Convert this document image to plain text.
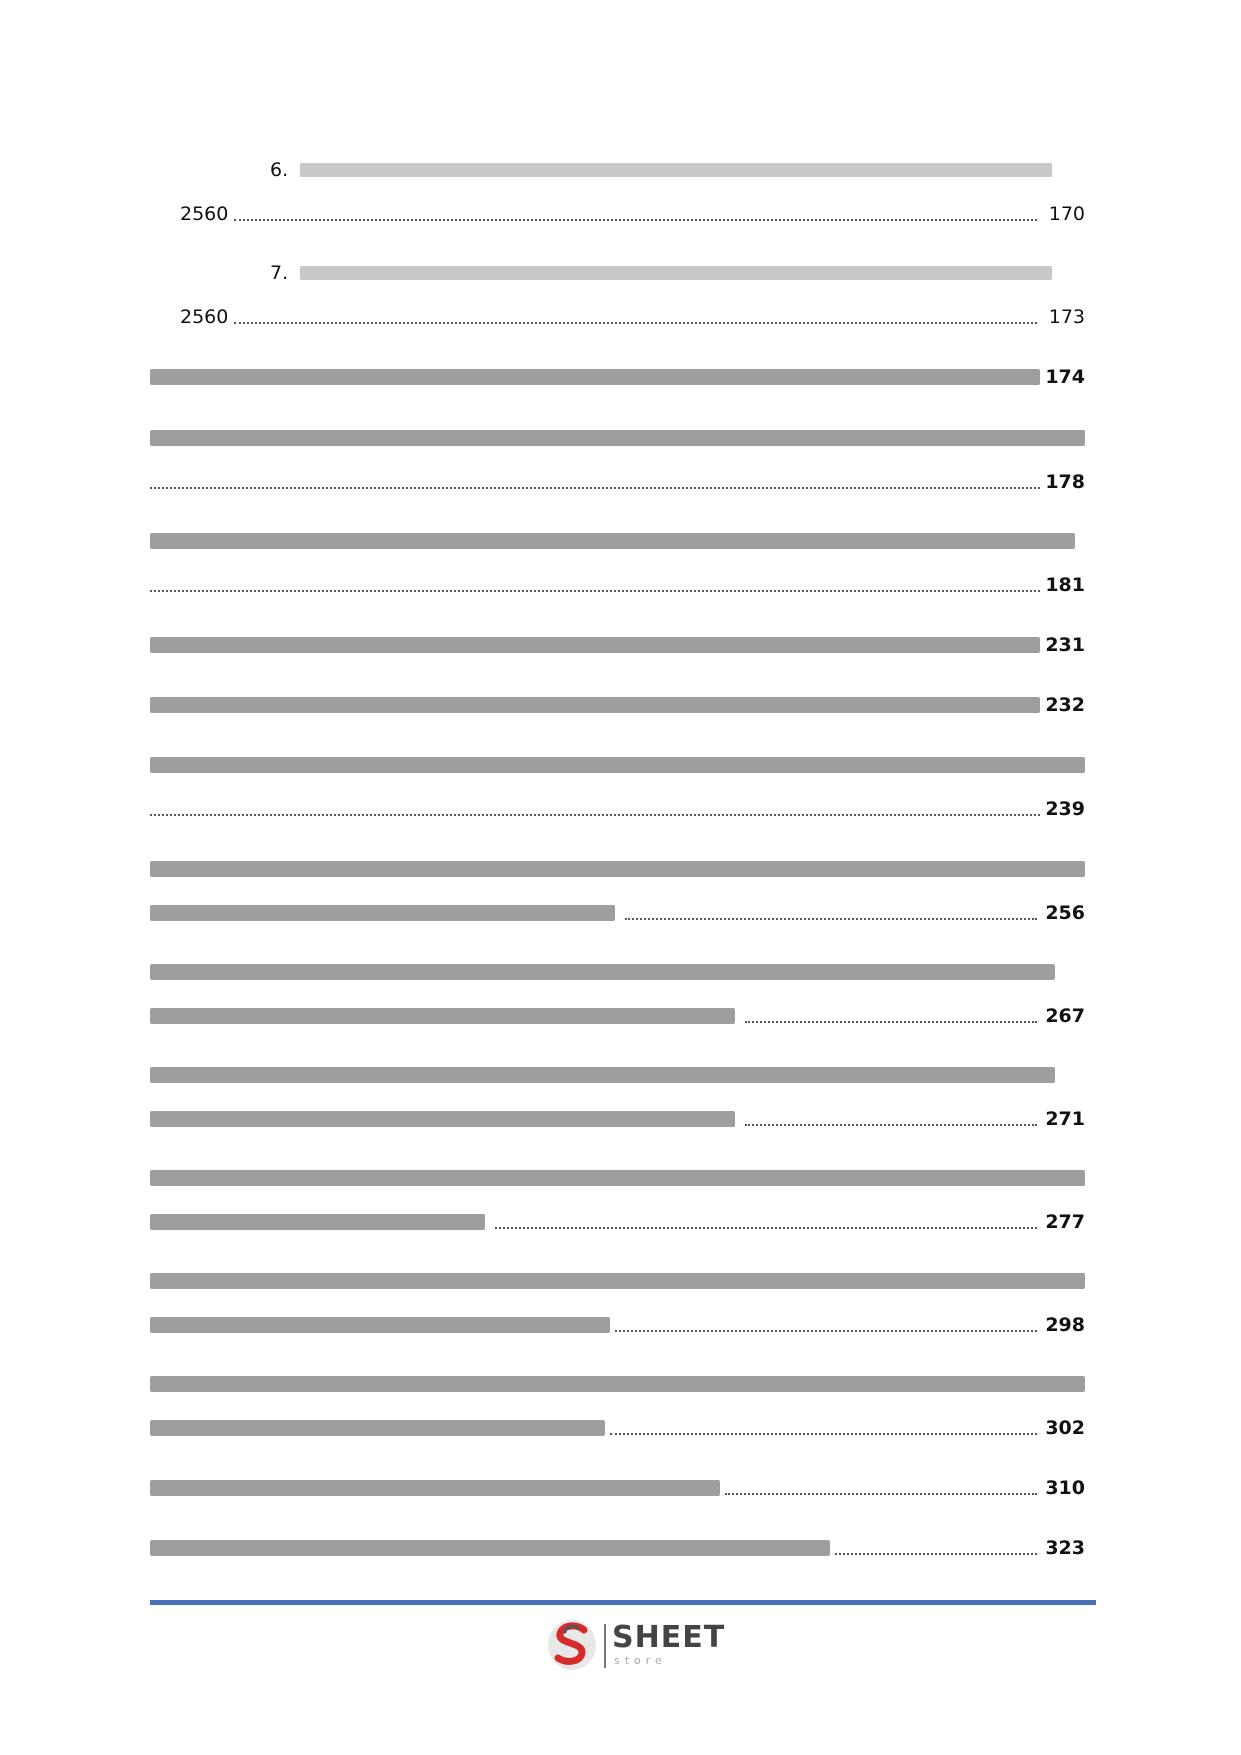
6.
2560	170
7.
2560	173
174
178
181
231
232
239
256
267
271
277
298
302
310
323
SHEET
store
